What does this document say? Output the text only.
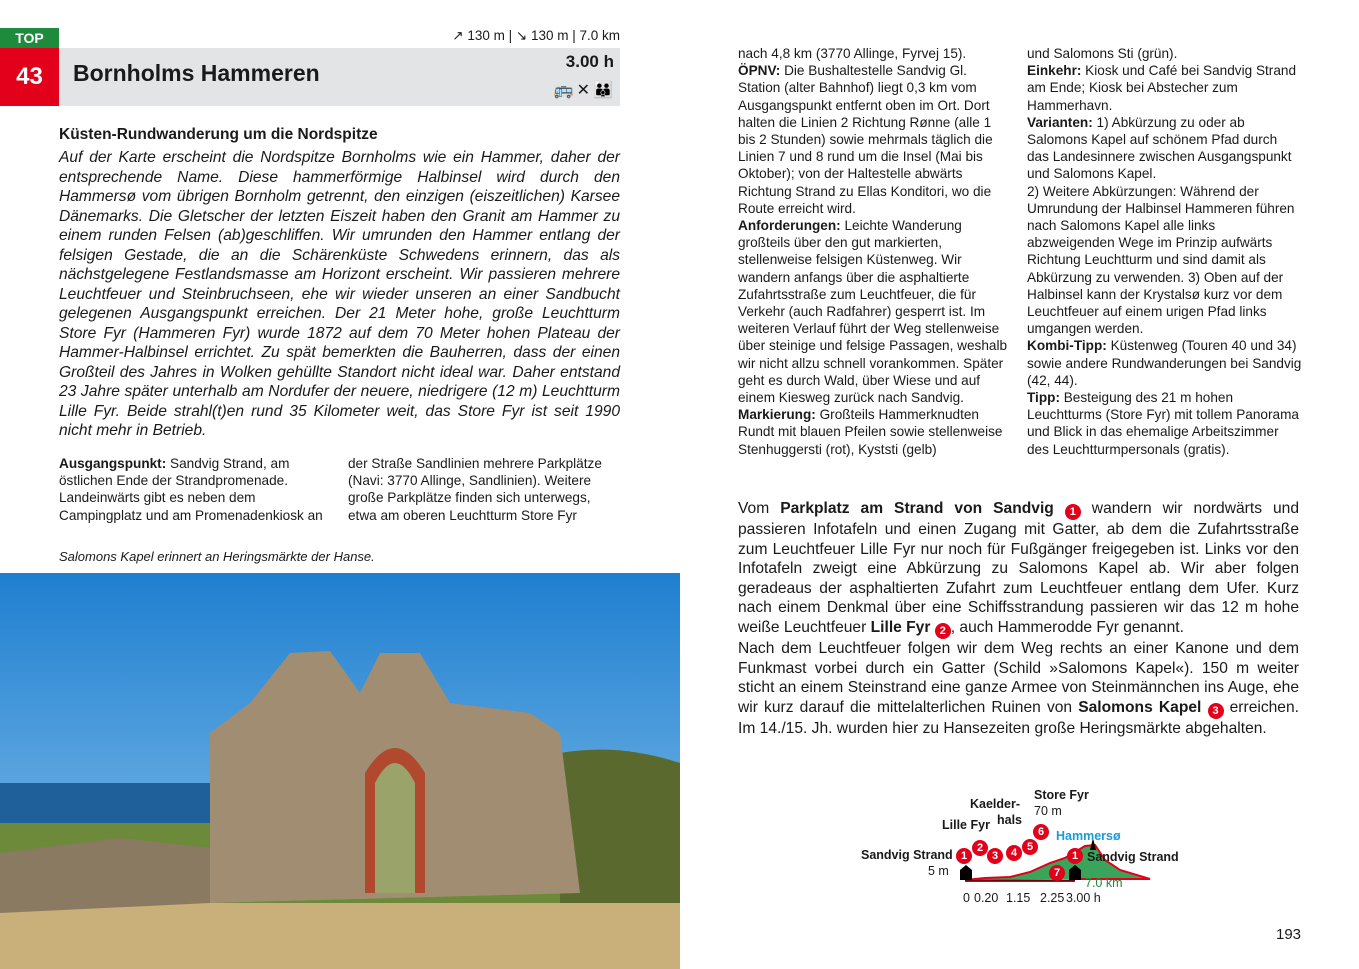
TOP
43	Bornholms Hammeren
↗ 130 m | ↘ 130 m | 7.0 km
3.00 h
🚌✕👪
Küsten-Rundwanderung um die Nordspitze
Auf der Karte erscheint die Nordspitze Bornholms wie ein Hammer, daher der entsprechende Name. Diese hammerförmige Halbinsel wird durch den Hammersø vom übrigen Bornholm getrennt, den einzigen (eiszeitlichen) Karsee Dänemarks. Die Gletscher der letzten Eiszeit haben den Granit am Hammer zu einem runden Felsen (ab)geschliffen. Wir umrunden den Hammer entlang der felsigen Gestade, die an die Schärenküste Schwedens erinnern, das als nächstgelegene Festlandsmasse am Horizont erscheint. Wir passieren mehrere Leuchtfeuer und Steinbruchseen, ehe wir wieder unseren an einer Sandbucht gelegenen Ausgangspunkt erreichen. Der 21 Meter hohe, große Leuchtturm Store Fyr (Hammeren Fyr) wurde 1872 auf dem 70 Meter hohen Plateau der Hammer-Halbinsel errichtet. Zu spät bemerkten die Bauherren, dass der einen Großteil des Jahres in Wolken gehüllte Standort nicht ideal war. Daher entstand 23 Jahre später unterhalb am Nordufer der neuere, niedrigere (12 m) Leuchtturm Lille Fyr. Beide strahl(t)en rund 35 Kilometer weit, das Store Fyr ist seit 1990 nicht mehr in Betrieb.
Ausgangspunkt: Sandvig Strand, am östlichen Ende der Strandpromenade. Landeinwärts gibt es neben dem Campingplatz und am Promenadenkiosk an
der Straße Sandlinien mehrere Parkplätze (Navi: 3770 Allinge, Sandlinien). Weitere große Parkplätze finden sich unterwegs, etwa am oberen Leuchtturm Store Fyr
Salomons Kapel erinnert an Heringsmärkte der Hanse.
nach 4,8 km (3770 Allinge, Fyrvej 15).
ÖPNV: Die Bushaltestelle Sandvig Gl. Station (alter Bahnhof) liegt 0,3 km vom Ausgangspunkt entfernt oben im Ort. Dort halten die Linien 2 Richtung Rønne (alle 1 bis 2 Stunden) sowie mehrmals täglich die Linien 7 und 8 rund um die Insel (Mai bis Oktober); von der Haltestelle abwärts Richtung Strand zu Ellas Konditori, wo die Route erreicht wird.
Anforderungen: Leichte Wanderung großteils über den gut markierten, stellenweise felsigen Küstenweg. Wir wandern anfangs über die asphaltierte Zufahrtsstraße zum Leuchtfeuer, die für Verkehr (auch Radfahrer) gesperrt ist. Im weiteren Verlauf führt der Weg stellenweise über steinige und felsige Passagen, weshalb wir nicht allzu schnell vorankommen. Später geht es durch Wald, über Wiese und auf einem Kiesweg zurück nach Sandvig.
Markierung: Großteils Hammerknudten Rundt mit blauen Pfeilen sowie stellenweise Stenhuggersti (rot), Kyststi (gelb)
und Salomons Sti (grün).
Einkehr: Kiosk und Café bei Sandvig Strand am Ende; Kiosk bei Abstecher zum Hammerhavn.
Varianten: 1) Abkürzung zu oder ab Salomons Kapel auf schönem Pfad durch das Landesinnere zwischen Ausgangspunkt und Salomons Kapel.
2) Weitere Abkürzungen: Während der Umrundung der Halbinsel Hammeren führen nach Salomons Kapel alle links abzweigenden Wege im Prinzip aufwärts Richtung Leuchtturm und sind damit als Abkürzung zu verwenden. 3) Oben auf der Halbinsel kann der Krystalsø kurz vor dem Leuchtfeuer auf einem urigen Pfad links umgangen werden.
Kombi-Tipp: Küstenweg (Touren 40 und 34) sowie andere Rundwanderungen bei Sandvig (42, 44).
Tipp: Besteigung des 21 m hohen Leuchtturms (Store Fyr) mit tollem Panorama und Blick in das ehemalige Arbeitszimmer des Leuchtturmpersonals (gratis).
Vom Parkplatz am Strand von Sandvig 1 wandern wir nordwärts und passieren Infotafeln und einen Zugang mit Gatter, ab dem die Zufahrtsstraße zum Leuchtfeuer Lille Fyr nur noch für Fußgänger freigegeben ist. Links vor den Infotafeln zweigt eine Abkürzung zu Salomons Kapel ab. Wir aber folgen geradeaus der asphaltierten Zufahrt zum Leuchtfeuer entlang dem Ufer. Kurz nach einem Denkmal über eine Schiffsstrandung passieren wir das 12 m hohe weiße Leuchtfeuer Lille Fyr 2 , auch Hammerodde Fyr genannt.
Nach dem Leuchtfeuer folgen wir dem Weg rechts an einer Kanone und dem Funkmast vorbei durch ein Gatter (Schild »Salomons Kapel«). 150 m weiter sticht an einem Steinstrand eine ganze Armee von Steinmännchen ins Auge, ehe wir kurz darauf die mittelalterlichen Ruinen von Salomons Kapel 3 erreichen. Im 14./15. Jh. wurden hier zu Hansezeiten große Heringsmärkte abgehalten.
Sandvig Strand
5 m
Lille Fyr
Kaelder-
hals
Store Fyr
70 m
Hammersø
Sandvig Strand
7.0 km
0 0.20 1.15 2.25 3.00 h
1
2
3	4 5
6
7
1
193
